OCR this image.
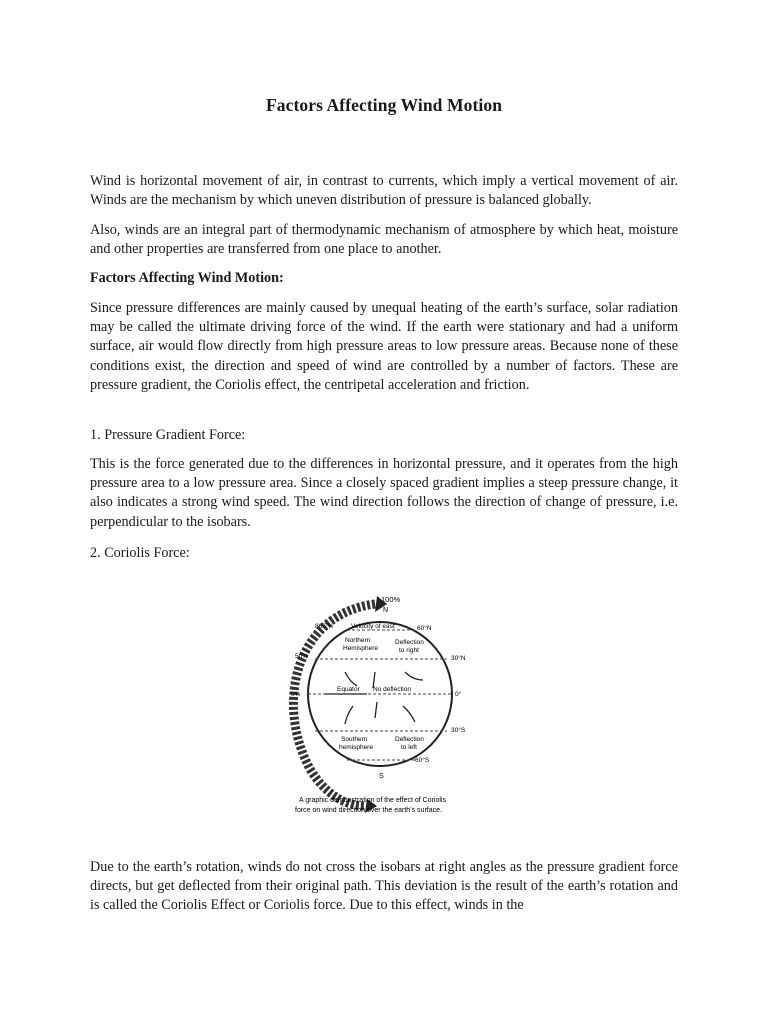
Factors Affecting Wind Motion

Wind is horizontal movement of air, in contrast to currents, which imply a vertical movement of air. Winds are the mechanism by which uneven distribution of pressure is balanced globally.

Also, winds are an integral part of thermodynamic mechanism of atmosphere by which heat, moisture and other properties are transferred from one place to another.

Factors Affecting Wind Motion:

Since pressure differences are mainly caused by unequal heating of the earth’s surface, solar radiation may be called the ultimate driving force of the wind. If the earth were stationary and had a uniform surface, air would flow directly from high pressure areas to low pressure areas. Because none of these conditions exist, the direction and speed of wind are controlled by a number of factors. These are pressure gradient, the Coriolis effect, the centripetal acceleration and friction.

1. Pressure Gradient Force:

This is the force generated due to the differences in horizontal pressure, and it operates from the high pressure area to a low pressure area. Since a closely spaced gradient implies a steep pressure change, it also indicates a strong wind speed. The wind direction follows the direction of change of pressure, i.e. perpendicular to the isobars.

2. Coriolis Force:

100%
N
86.7%	Velocity of east	60°N
Northern
Hemisphere
Deflection
to right
50%	30°N
0%
Equator No deflection
0°
30°S
Southern
hemisphere
Deflection
to left
60°S
S
A graphic demonstration of the effect of Coriolis
force on wind direction over the earth’s surface.

Due to the earth’s rotation, winds do not cross the isobars at right angles as the pressure gradient force directs, but get deflected from their original path. This deviation is the result of the earth’s rotation and is called the Coriolis Effect or Coriolis force. Due to this effect, winds in the
